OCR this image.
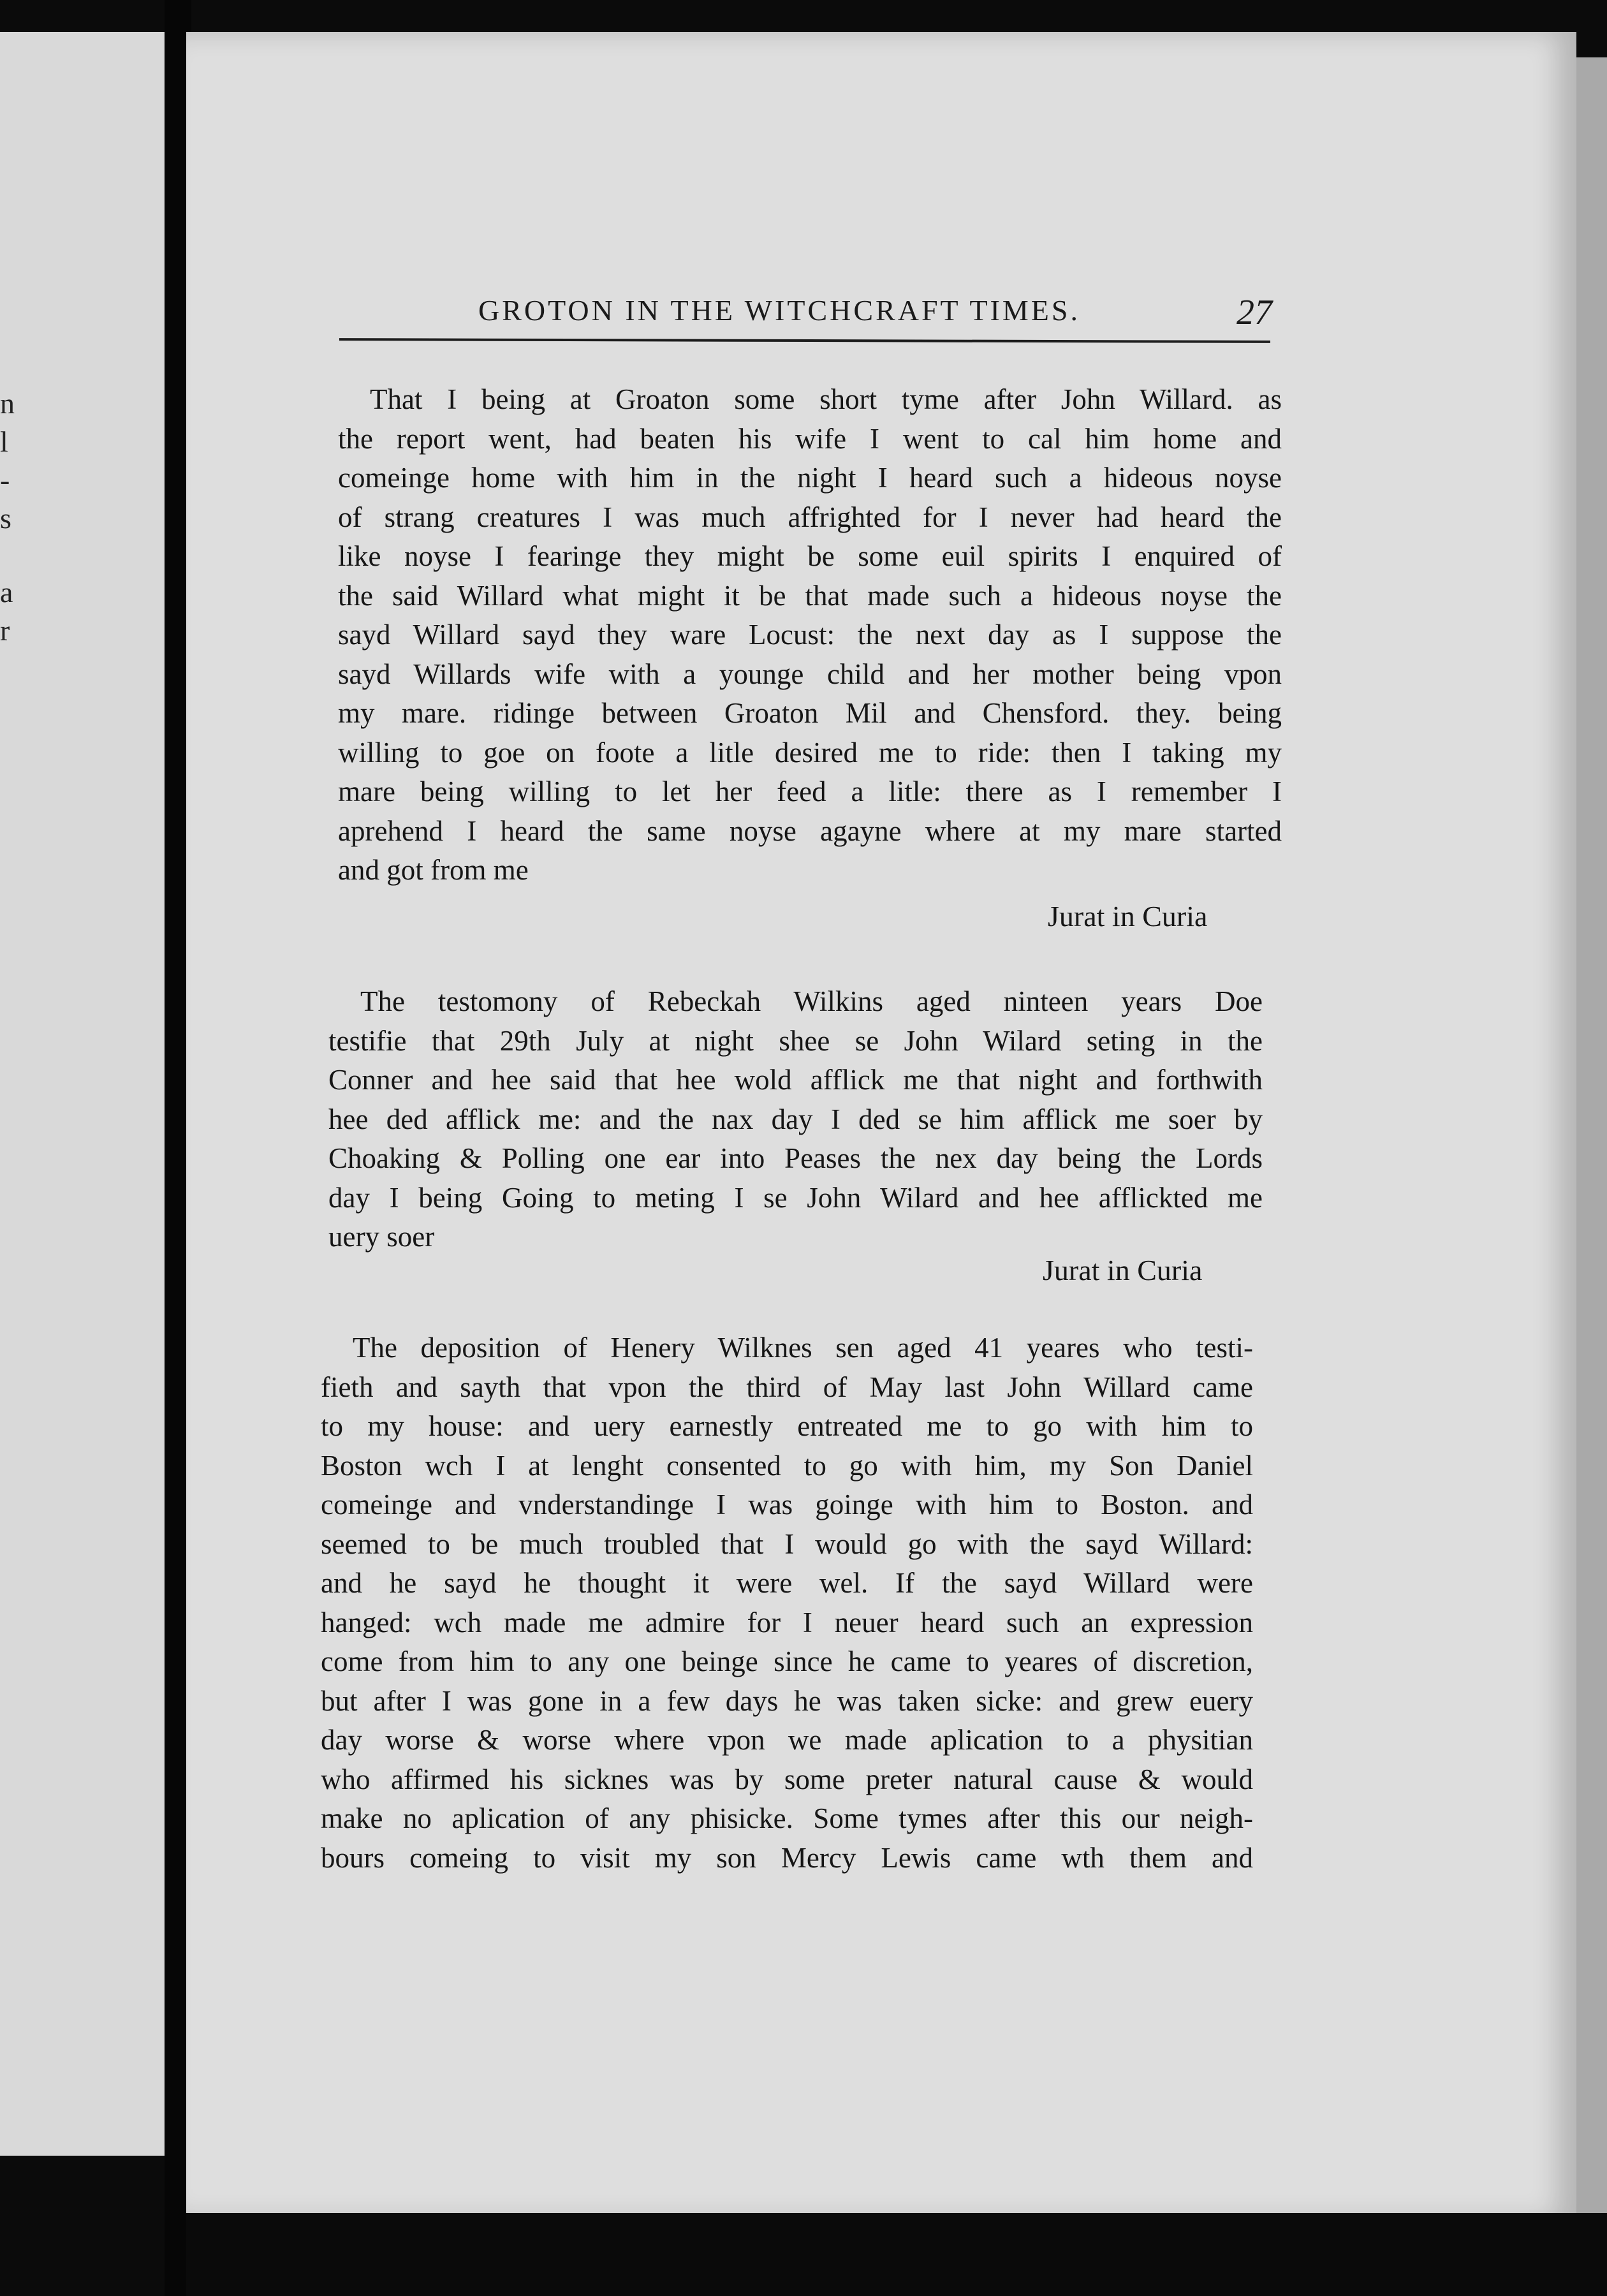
n
l
-
s
a
r
GROTON IN THE WITCHCRAFT TIMES.	27
That I being at Groaton some short tyme after John Willard. as
the report went, had beaten his wife I went to cal him home and
comeinge home with him in the night I heard such a hideous noyse
of strang creatures I was much affrighted for I never had heard the
like noyse I fearinge they might be some euil spirits I enquired of
the said Willard what might it be that made such a hideous noyse the
sayd Willard sayd they ware Locust: the next day as I suppose the
sayd Willards wife with a younge child and her mother being vpon
my mare. ridinge between Groaton Mil and Chensford. they. being
willing to goe on foote a litle desired me to ride: then I taking my
mare being willing to let her feed a litle: there as I remember I
aprehend I heard the same noyse agayne where at my mare started
and got from me
Jurat in Curia
The testomony of Rebeckah Wilkins aged ninteen years Doe
testifie that 29th July at night shee se John Wilard seting in the
Conner and hee said that hee wold afflick me that night and forthwith
hee ded afflick me: and the nax day I ded se him afflick me soer by
Choaking & Polling one ear into Peases the nex day being the Lords
day I being Going to meting I se John Wilard and hee afflickted me
uery soer
Jurat in Curia
The deposition of Henery Wilknes sen aged 41 yeares who testi-
fieth and sayth that vpon the third of May last John Willard came
to my house: and uery earnestly entreated me to go with him to
Boston wch I at lenght consented to go with him, my Son Daniel
comeinge and vnderstandinge I was goinge with him to Boston. and
seemed to be much troubled that I would go with the sayd Willard:
and he sayd he thought it were wel. If the sayd Willard were
hanged: wch made me admire for I neuer heard such an expression
come from him to any one beinge since he came to yeares of discretion,
but after I was gone in a few days he was taken sicke: and grew euery
day worse & worse where vpon we made aplication to a physitian
who affirmed his sicknes was by some preter natural cause & would
make no aplication of any phisicke. Some tymes after this our neigh-
bours comeing to visit my son Mercy Lewis came wth them and
